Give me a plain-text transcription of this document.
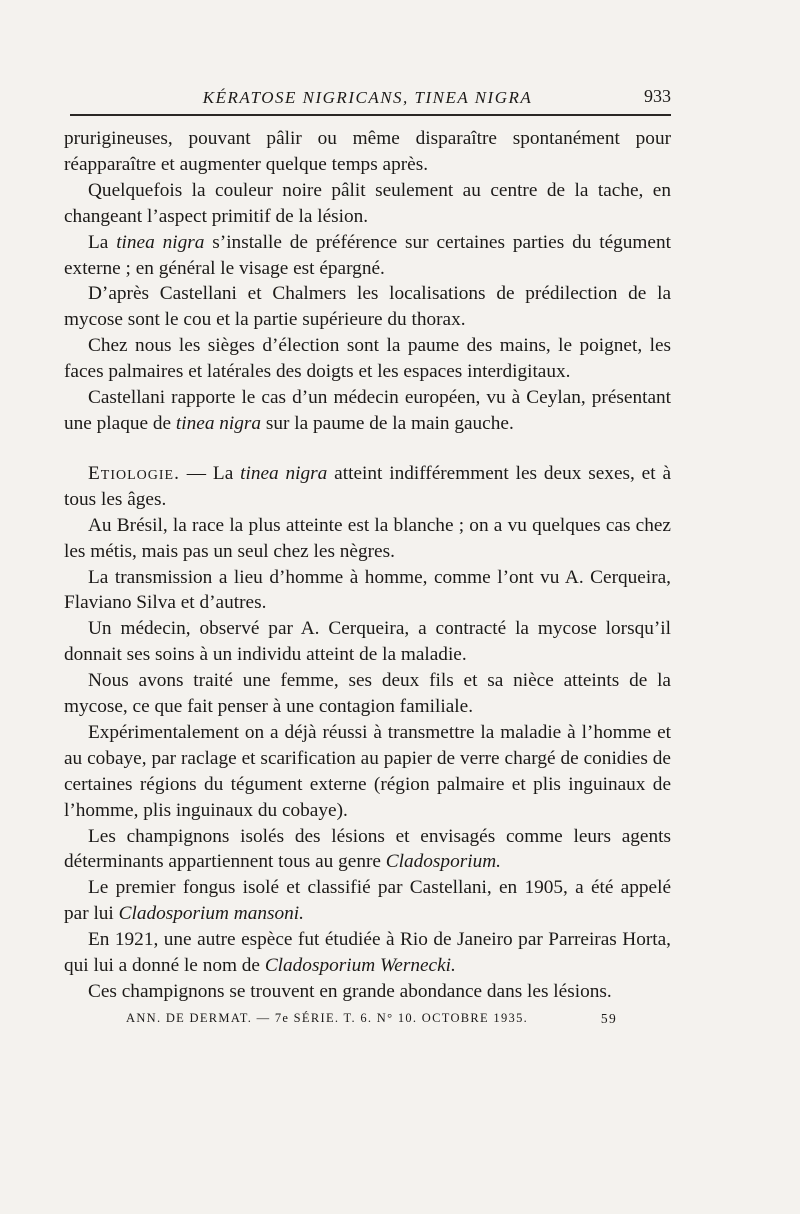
KÉRATOSE NIGRICANS, TINEA NIGRA	933

prurigineuses, pouvant pâlir ou même disparaître spontanément pour réapparaître et augmenter quelque temps après.

Quelquefois la couleur noire pâlit seulement au centre de la tache, en changeant l’aspect primitif de la lésion.

La tinea nigra s’installe de préférence sur certaines parties du tégument externe ; en général le visage est épargné.

D’après Castellani et Chalmers les localisations de prédilection de la mycose sont le cou et la partie supérieure du thorax.

Chez nous les sièges d’élection sont la paume des mains, le poignet, les faces palmaires et latérales des doigts et les espaces interdigitaux.

Castellani rapporte le cas d’un médecin européen, vu à Ceylan, présentant une plaque de tinea nigra sur la paume de la main gauche.

Etiologie. — La tinea nigra atteint indifféremment les deux sexes, et à tous les âges.

Au Brésil, la race la plus atteinte est la blanche ; on a vu quelques cas chez les métis, mais pas un seul chez les nègres.

La transmission a lieu d’homme à homme, comme l’ont vu A. Cerqueira, Flaviano Silva et d’autres.

Un médecin, observé par A. Cerqueira, a contracté la mycose lorsqu’il donnait ses soins à un individu atteint de la maladie.

Nous avons traité une femme, ses deux fils et sa nièce atteints de la mycose, ce que fait penser à une contagion familiale.

Expérimentalement on a déjà réussi à transmettre la maladie à l’homme et au cobaye, par raclage et scarification au papier de verre chargé de conidies de certaines régions du tégument externe (région palmaire et plis inguinaux de l’homme, plis inguinaux du cobaye).

Les champignons isolés des lésions et envisagés comme leurs agents déterminants appartiennent tous au genre Cladosporium.

Le premier fongus isolé et classifié par Castellani, en 1905, a été appelé par lui Cladosporium mansoni.

En 1921, une autre espèce fut étudiée à Rio de Janeiro par Parreiras Horta, qui lui a donné le nom de Cladosporium Wernecki.

Ces champignons se trouvent en grande abondance dans les lésions.

ANN. DE DERMAT. — 7e SÉRIE. T. 6. N° 10. OCTOBRE 1935.	59
